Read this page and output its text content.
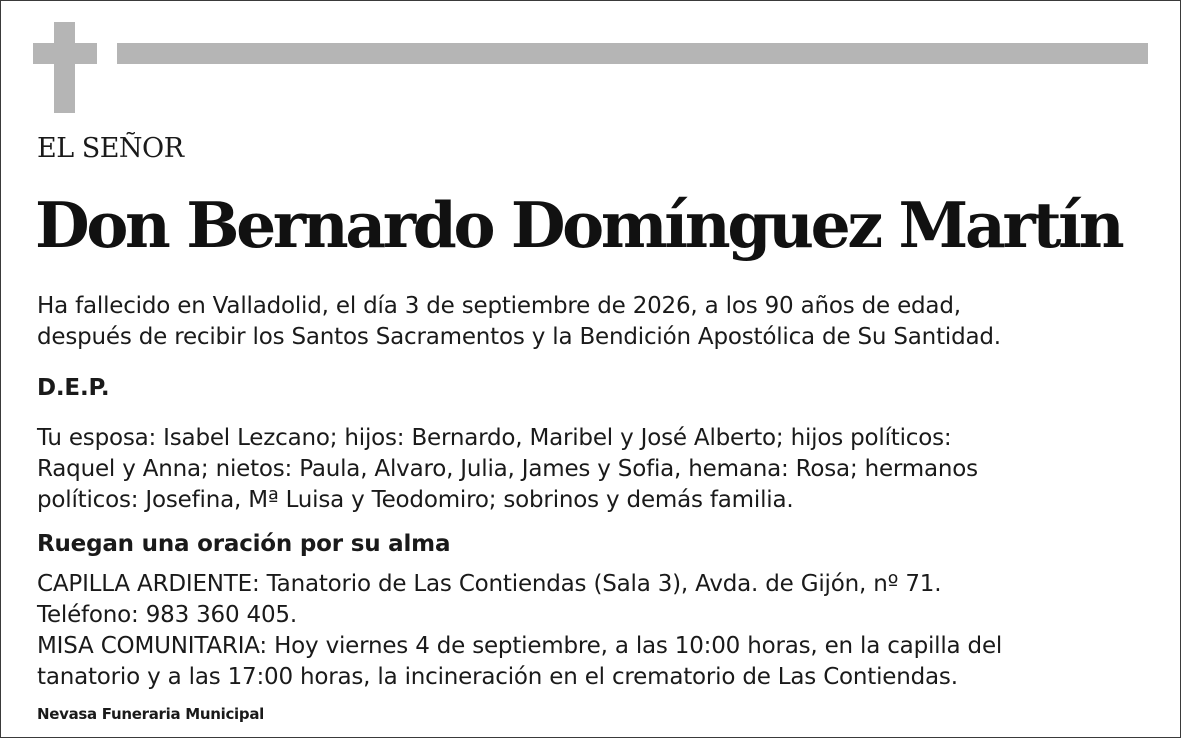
EL SEÑOR
Don Bernardo Domínguez Martín
Ha fallecido en Valladolid, el día 3 de septiembre de 2026, a los 90 años de edad,
después de recibir los Santos Sacramentos y la Bendición Apostólica de Su Santidad.
D.E.P.
Tu esposa: Isabel Lezcano; hijos: Bernardo, Maribel y José Alberto; hijos políticos:
Raquel y Anna; nietos: Paula, Alvaro, Julia, James y Sofia, hemana: Rosa; hermanos
políticos: Josefina, Mª Luisa y Teodomiro; sobrinos y demás familia.
Ruegan una oración por su alma
CAPILLA ARDIENTE: Tanatorio de Las Contiendas (Sala 3), Avda. de Gijón, nº 71.
Teléfono: 983 360 405.
MISA COMUNITARIA: Hoy viernes 4 de septiembre, a las 10:00 horas, en la capilla del
tanatorio y a las 17:00 horas, la incineración en el crematorio de Las Contiendas.
Nevasa Funeraria Municipal
